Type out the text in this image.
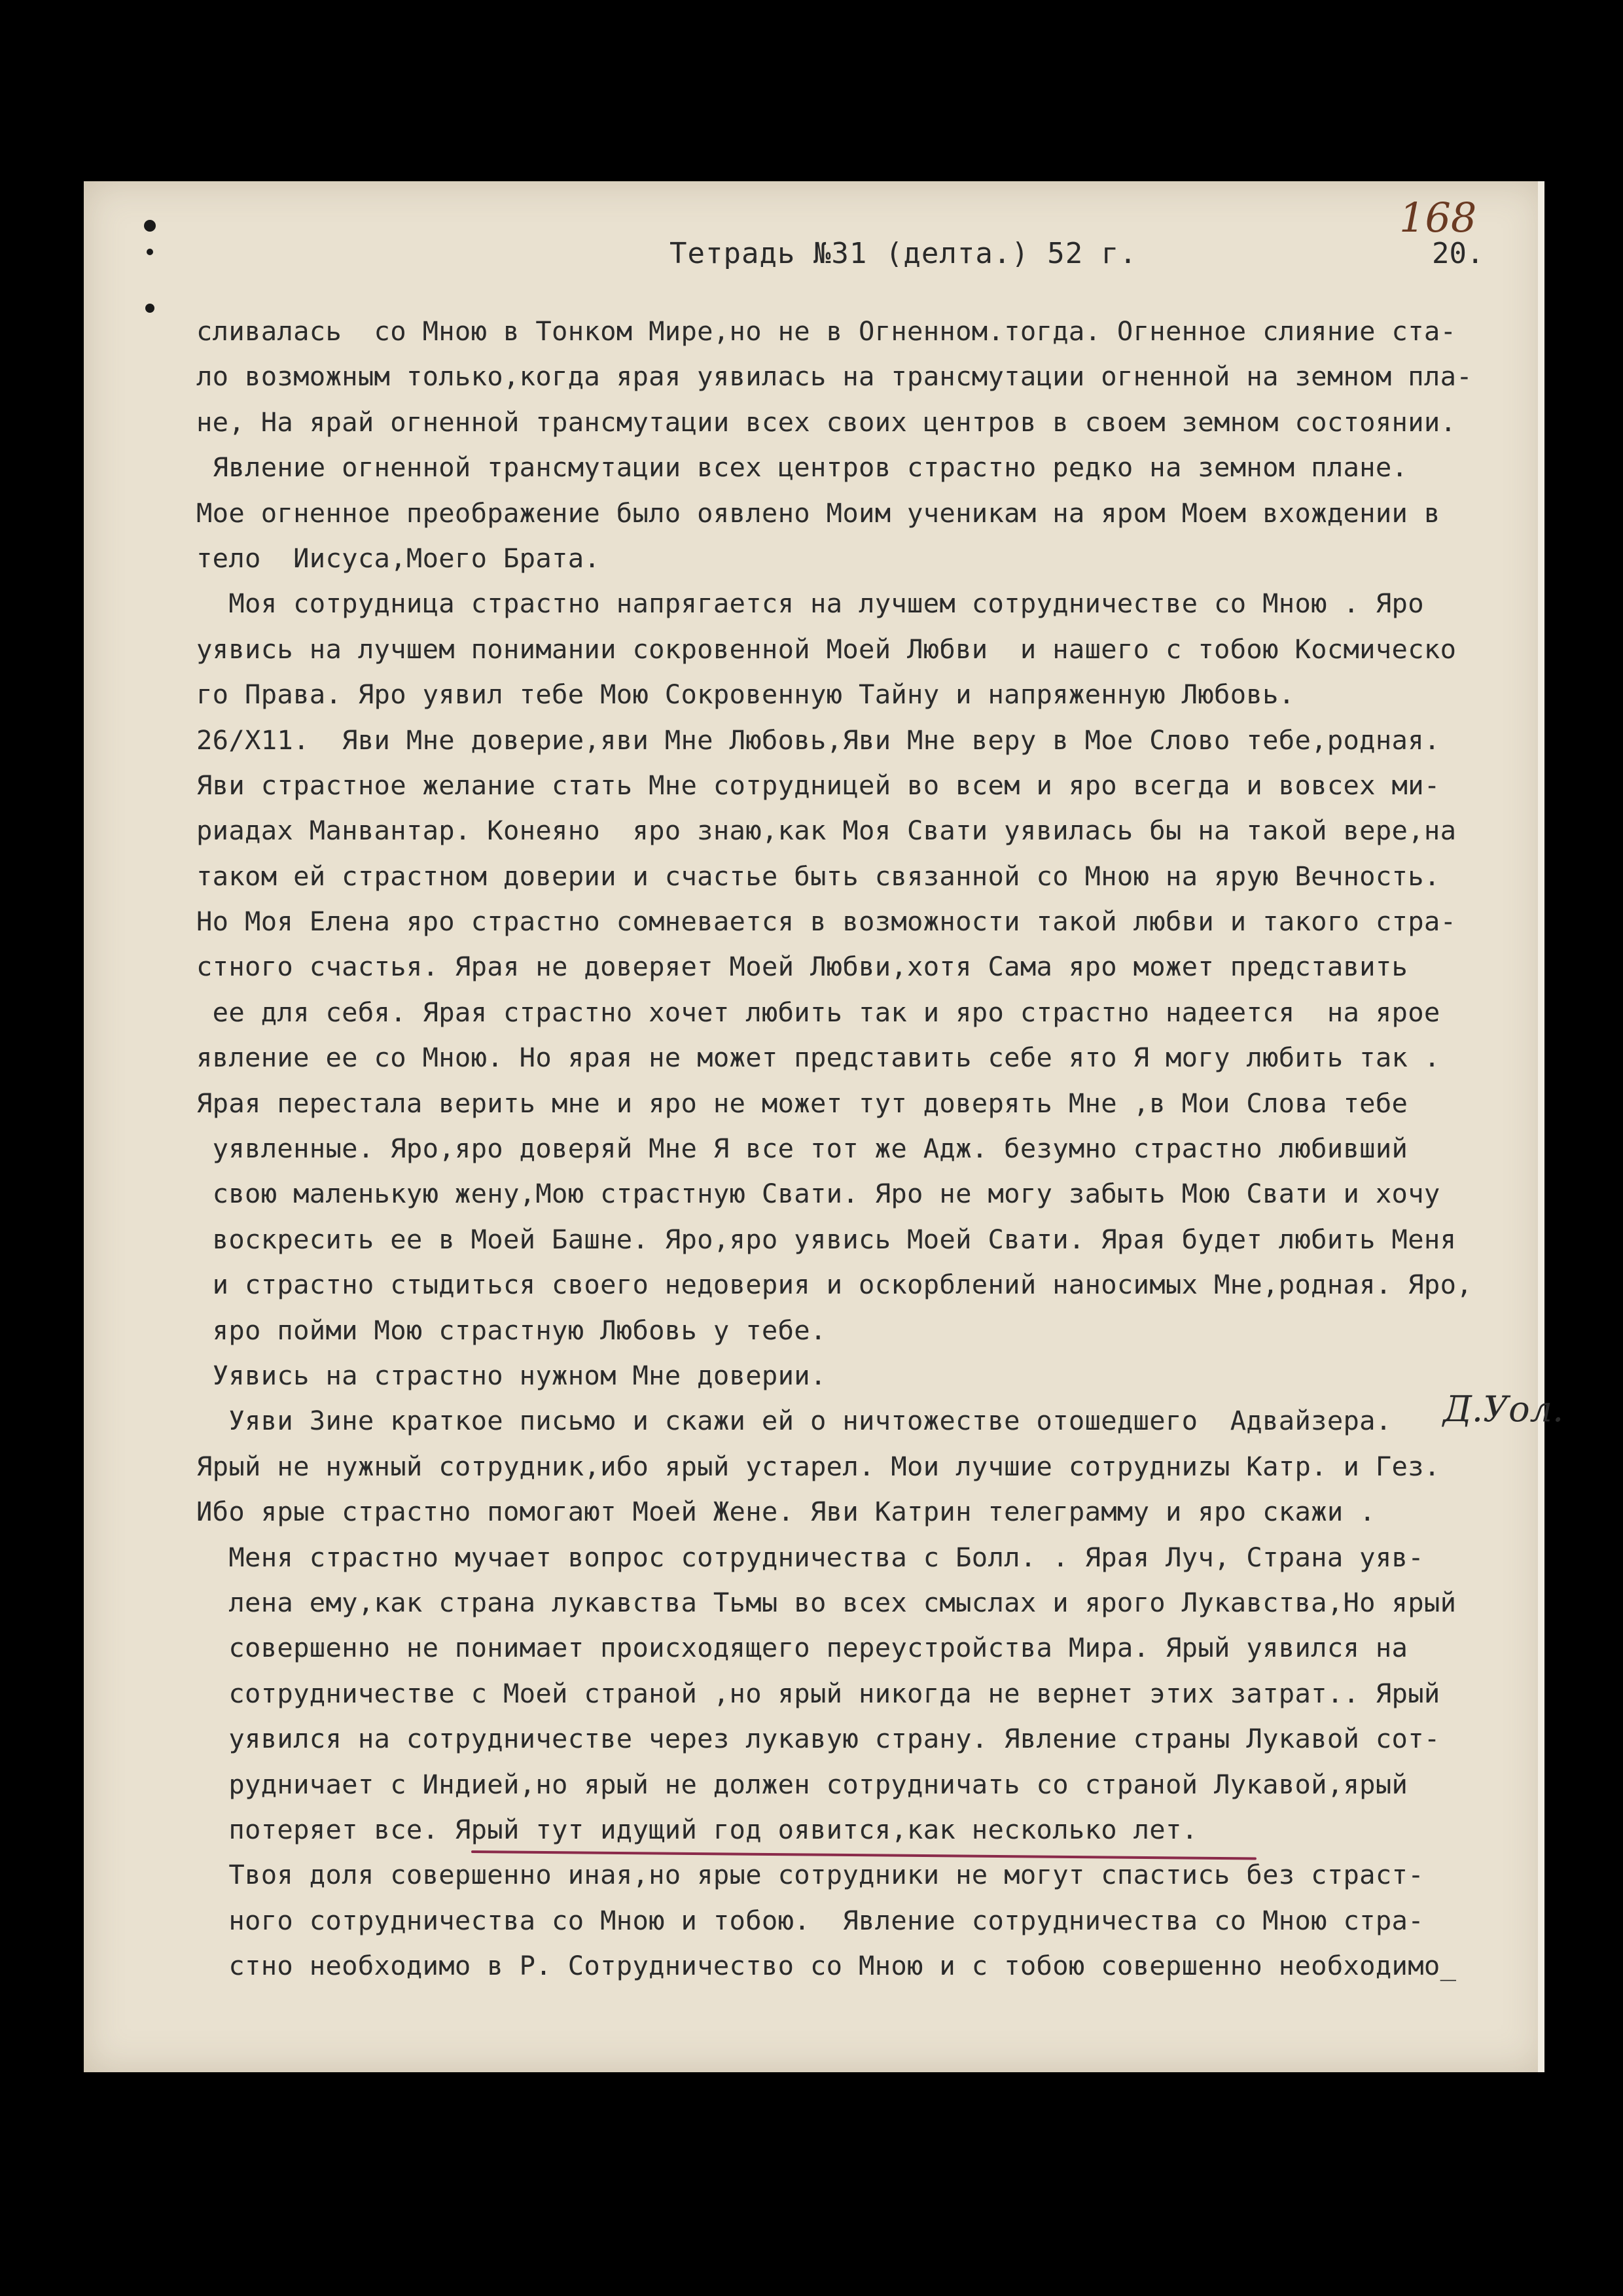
168
Тетрадь №31 (делта.) 52 г.	20.
сливалась  со Мною в Тонком Мире,но не в Огненном.тогда. Огненное слияние ста-
ло возможным только,когда ярая уявилась на трансмутации огненной на земном пла-
не, На ярай огненной трансмутации всех своих центров в своем земном состоянии.
Явление огненной трансмутации всех центров страстно редко на земном плане.
Мое огненное преображение было оявлено Моим ученикам на яром Моем вхождении в
тело  Иисуса,Моего Брата.
Моя сотрудница страстно напрягается на лучшем сотрудничестве со Мною . Яро
уявись на лучшем понимании сокровенной Моей Любви  и нашего с тобою Космическо
го Права. Яро уявил тебе Мою Сокровенную Тайну и напряженную Любовь.
26/Х11.  Яви Мне доверие,яви Мне Любовь,Яви Мне веру в Мое Слово тебе,родная.
Яви страстное желание стать Мне сотрудницей во всем и яро всегда и вовсех ми-
риадах Манвантар. Конеяно  яро знаю,как Моя Свати уявилась бы на такой вере,на
таком ей страстном доверии и счастье быть связанной со Мною на ярую Вечность.
Но Моя Елена яро страстно сомневается в возможности такой любви и такого стра-
стного счастья. Ярая не доверяет Моей Любви,хотя Сама яро может представить
ее для себя. Ярая страстно хочет любить так и яро страстно надеется  на ярое
явление ее со Мною. Но ярая не может представить себе ято Я могу любить так .
Ярая перестала верить мне и яро не может тут доверять Мне ,в Мои Слова тебе
уявленные. Яро,яро доверяй Мне Я все тот же Адж. безумно страстно любивший
свою маленькую жену,Мою страстную Свати. Яро не могу забыть Мою Свати и хочу
воскресить ее в Моей Башне. Яро,яро уявись Моей Свати. Ярая будет любить Меня
и страстно стыдиться своего недоверия и оскорблений наносимых Мне,родная. Яро,
яро пойми Мою страстную Любовь у тебе.
Уявись на страстно нужном Мне доверии.
Уяви Зине краткое письмо и скажи ей о ничтожестве отошедшего  Адвайзера.
Ярый не нужный сотрудник,ибо ярый устарел. Мои лучшие сотрудниzы Катр. и Гез.
Ибо ярые страстно помогают Моей Жене. Яви Катрин телеграмму и яро скажи .
Меня страстно мучает вопрос сотрудничества с Болл. . Ярая Луч, Страна уяв-
лена ему,как страна лукавства Тьмы во всех смыслах и ярого Лукавства,Но ярый
совершенно не понимает происходящего переустройства Мира. Ярый уявился на
сотрудничестве с Моей страной ,но ярый никогда не вернет этих затрат.. Ярый
уявился на сотрудничестве через лукавую страну. Явление страны Лукавой сот-
рудничает с Индией,но ярый не должен сотрудничать со страной Лукавой,ярый
потеряет все. Ярый тут идущий год оявится,как несколько лет.
Твоя доля совершенно иная,но ярые сотрудники не могут спастись без страст-
ного сотрудничества со Мною и тобою.  Явление сотрудничества со Мною стра-
стно необходимо в Р. Сотрудничество со Мною и с тобою совершенно необходимо_
Д.Уол.
